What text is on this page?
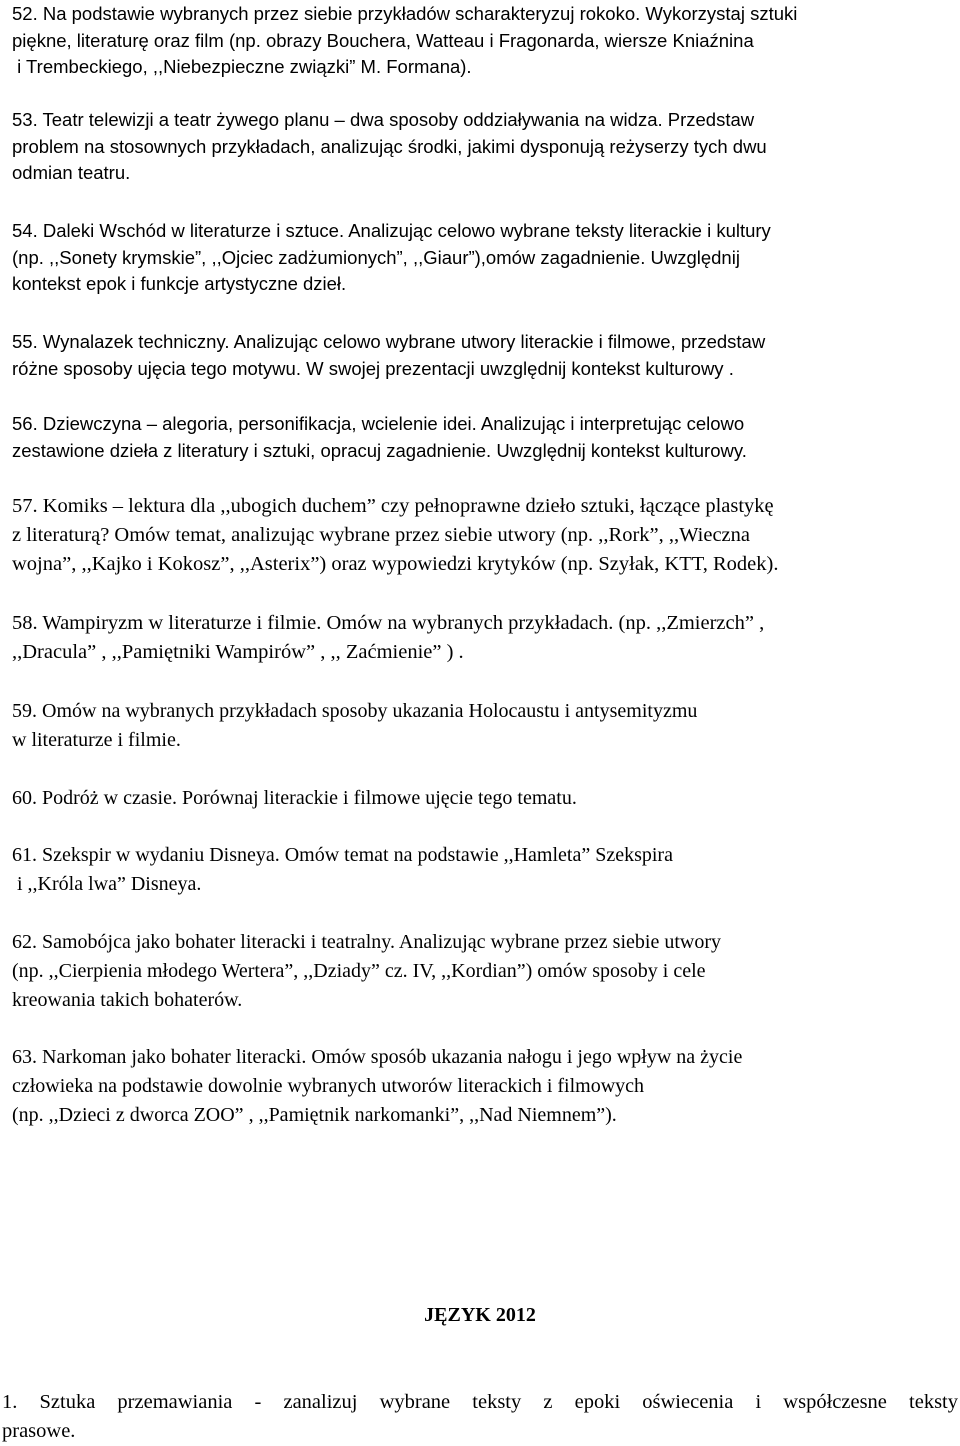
52. Na podstawie wybranych przez siebie przykładów scharakteryzuj rokoko. Wykorzystaj sztuki
piękne, literaturę oraz film (np. obrazy Bouchera, Watteau i Fragonarda, wiersze Kniaźnina
i Trembeckiego, ,,Niebezpieczne związki” M. Formana).

53. Teatr telewizji a teatr żywego planu – dwa sposoby oddziaływania na widza. Przedstaw
problem na stosownych przykładach, analizując środki, jakimi dysponują reżyserzy tych dwu
odmian teatru.

54. Daleki Wschód w literaturze i sztuce. Analizując celowo wybrane teksty literackie i kultury
(np. ,,Sonety krymskie”, ,,Ojciec zadżumionych”, ,,Giaur”),omów zagadnienie. Uwzględnij
kontekst epok i funkcje artystyczne dzieł.

55. Wynalazek techniczny. Analizując celowo wybrane utwory literackie i filmowe, przedstaw
różne sposoby ujęcia tego motywu. W swojej prezentacji uwzględnij kontekst kulturowy .

56. Dziewczyna – alegoria, personifikacja, wcielenie idei. Analizując i interpretując celowo
zestawione dzieła z literatury i sztuki, opracuj zagadnienie. Uwzględnij kontekst kulturowy.

57. Komiks – lektura dla ,,ubogich duchem” czy pełnoprawne dzieło sztuki, łączące plastykę
z literaturą? Omów temat, analizując wybrane przez siebie utwory (np. ,,Rork”, ,,Wieczna
wojna”, ,,Kajko i Kokosz”, ,,Asterix”) oraz wypowiedzi krytyków (np. Szyłak, KTT, Rodek).

58. Wampiryzm w literaturze i filmie. Omów na wybranych przykładach. (np. ,,Zmierzch” ,
,,Dracula” , ,,Pamiętniki Wampirów” , ,, Zaćmienie” ) .

59. Omów na wybranych przykładach sposoby ukazania Holocaustu i antysemityzmu
w literaturze i filmie.

60. Podróż w czasie. Porównaj literackie i filmowe ujęcie tego tematu.

61. Szekspir w wydaniu Disneya. Omów temat na podstawie ,,Hamleta” Szekspira
i ,,Króla lwa” Disneya.

62. Samobójca jako bohater literacki i teatralny. Analizując wybrane przez siebie utwory
(np. ,,Cierpienia młodego Wertera”, ,,Dziady” cz. IV, ,,Kordian”) omów sposoby i cele
kreowania takich bohaterów.

63. Narkoman jako bohater literacki. Omów sposób ukazania nałogu i jego wpływ na życie
człowieka na podstawie dowolnie wybranych utworów literackich i filmowych
(np. ,,Dzieci z dworca ZOO” , ,,Pamiętnik narkomanki”, ,,Nad Niemnem”).

JĘZYK 2012

1. Sztuka przemawiania - zanalizuj wybrane teksty z epoki oświecenia i współczesne teksty
prasowe.
